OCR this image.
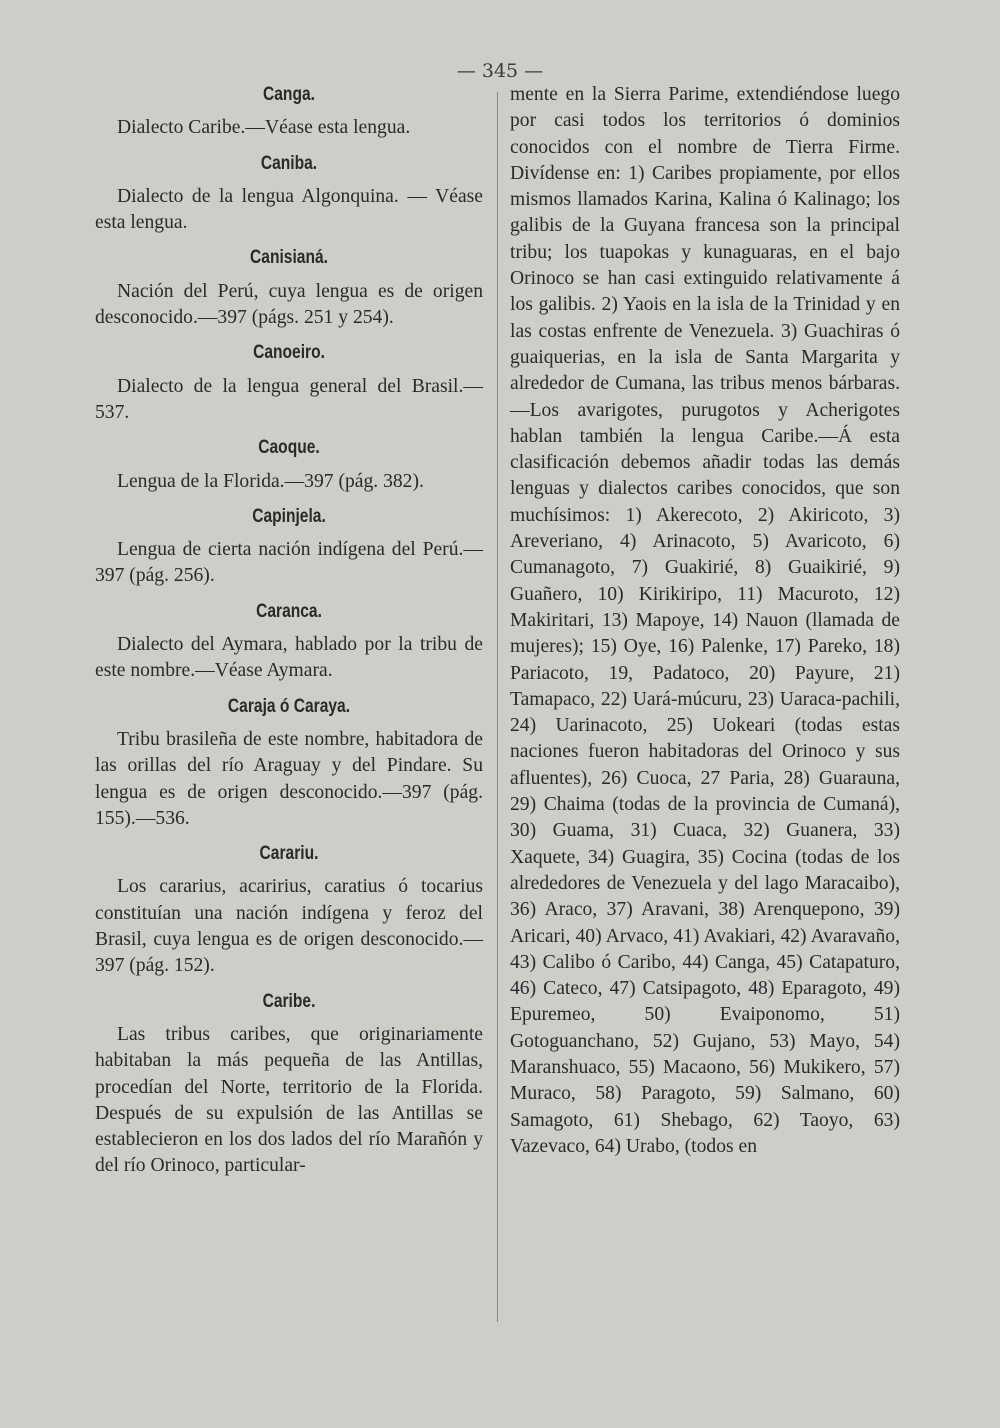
— 345 —
Canga.

Dialecto Caribe.—Véase esta lengua.

Caniba.

Dialecto de la lengua Algonquina. — Véase esta lengua.

Canisianá.

Nación del Perú, cuya lengua es de origen desconocido.—397 (págs. 251 y 254).

Canoeiro.

Dialecto de la lengua general del Brasil.—537.

Caoque.

Lengua de la Florida.—397 (pág. 382).

Capinjela.

Lengua de cierta nación indígena del Perú.—397 (pág. 256).

Caranca.

Dialecto del Aymara, hablado por la tribu de este nombre.—Véase Aymara.

Caraja ó Caraya.

Tribu brasileña de este nombre, habitadora de las orillas del río Araguay y del Pindare. Su lengua es de origen desconocido.—397 (pág. 155).—536.

Carariu.

Los cararius, acaririus, caratius ó tocarius constituían una nación indígena y feroz del Brasil, cuya lengua es de origen desconocido.—397 (pág. 152).

Caribe.

Las tribus caribes, que originariamente habitaban la más pequeña de las Antillas, procedían del Norte, territorio de la Florida. Después de su expulsión de las Antillas se establecieron en los dos lados del río Marañón y del río Orinoco, particular-

mente en la Sierra Parime, extendiéndose luego por casi todos los territorios ó dominios conocidos con el nombre de Tierra Firme. Divídense en: 1) Caribes propiamente, por ellos mismos llamados Karina, Kalina ó Kalinago; los galibis de la Guyana francesa son la principal tribu; los tuapokas y kunaguaras, en el bajo Orinoco se han casi extinguido relativamente á los galibis. 2) Yaois en la isla de la Trinidad y en las costas enfrente de Venezuela. 3) Guachiras ó guaiquerias, en la isla de Santa Margarita y alrededor de Cumana, las tribus menos bárbaras.—Los avarigotes, purugotos y Acherigotes hablan también la lengua Caribe.—Á esta clasificación debemos añadir todas las demás lenguas y dialectos caribes conocidos, que son muchísimos: 1) Akerecoto, 2) Akiricoto, 3) Areveriano, 4) Arinacoto, 5) Avaricoto, 6) Cumanagoto, 7) Guakirié, 8) Guaikirié, 9) Guañero, 10) Kirikiripo, 11) Macuroto, 12) Makiritari, 13) Mapoye, 14) Nauon (llamada de mujeres); 15) Oye, 16) Palenke, 17) Pareko, 18) Pariacoto, 19, Padatoco, 20) Payure, 21) Tamapaco, 22) Uará-múcuru, 23) Uaraca-pachili, 24) Uarinacoto, 25) Uokeari (todas estas naciones fueron habitadoras del Orinoco y sus afluentes), 26) Cuoca, 27 Paria, 28) Guarauna, 29) Chaima (todas de la provincia de Cumaná), 30) Guama, 31) Cuaca, 32) Guanera, 33) Xaquete, 34) Guagira, 35) Cocina (todas de los alrededores de Venezuela y del lago Maracaibo), 36) Araco, 37) Aravani, 38) Arenquepono, 39) Aricari, 40) Arvaco, 41) Avakiari, 42) Avaravaño, 43) Calibo ó Caribo, 44) Canga, 45) Catapaturo, 46) Cateco, 47) Catsipagoto, 48) Eparagoto, 49) Epuremeo, 50) Evaiponomo, 51) Gotoguanchano, 52) Gujano, 53) Mayo, 54) Maranshuaco, 55) Macaono, 56) Mukikero, 57) Muraco, 58) Paragoto, 59) Salmano, 60) Samagoto, 61) Shebago, 62) Taoyo, 63) Vazevaco, 64) Urabo, (todos en
